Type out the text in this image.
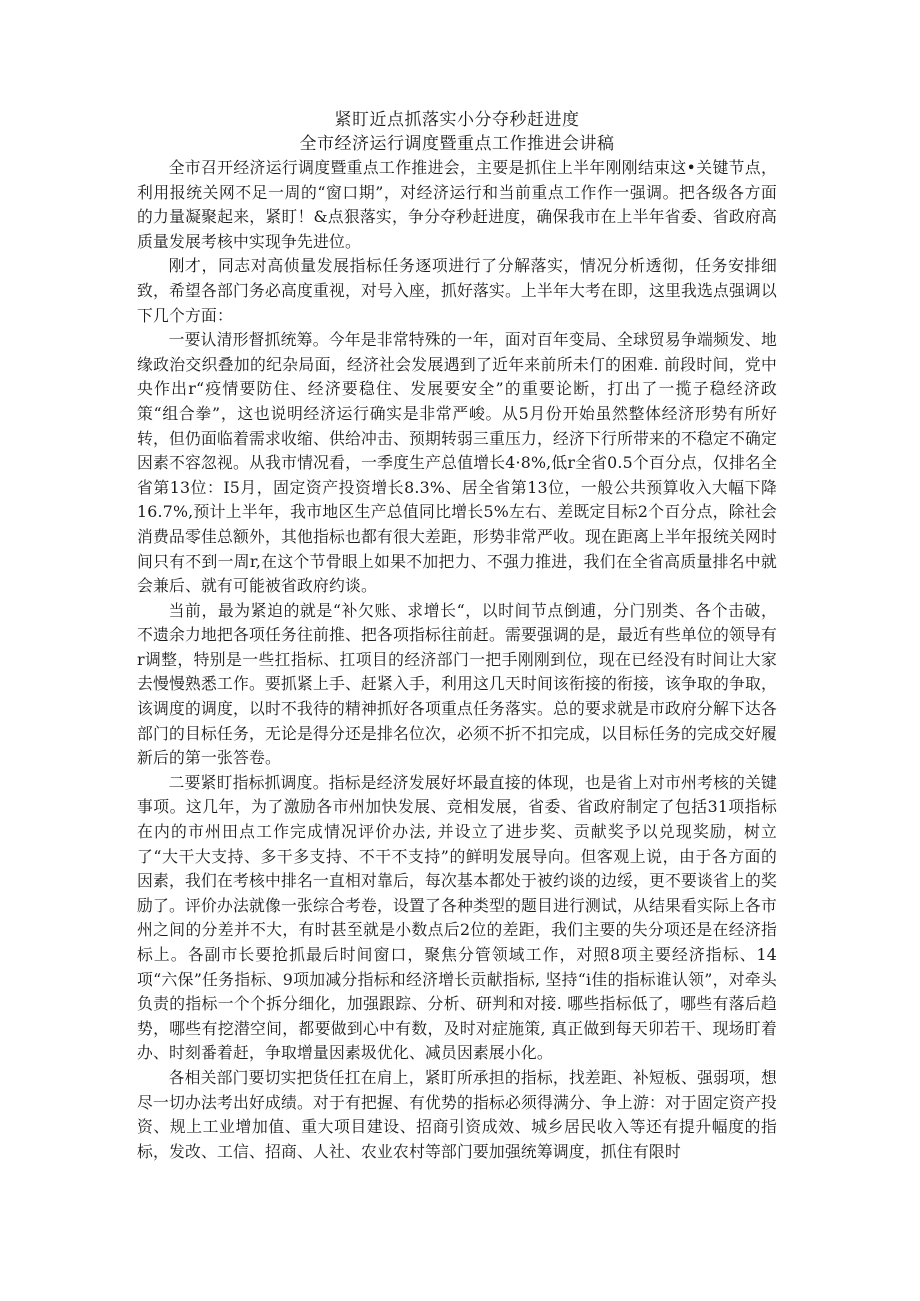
紧盯近点抓落实小分夺秒赶进度
全市经济运行调度暨重点工作推进会讲稿

全市召开经济运行调度暨重点工作推进会，主要是抓住上半年刚刚结束这•关键节点，利用报统关网不足一周的“窗口期”，对经济运行和当前重点工作作一强调。把各级各方面的力量凝聚起来，紧盯！&点狠落实，争分夺秒赶进度，确保我市在上半年省委、省政府高质量发展考核中实现争先进位。

刚才，同志对高侦量发展指标任务逐项进行了分解落实，情况分析透彻，任务安排细致，希望各部门务必高度重视，对号入座，抓好落实。上半年大考在即，这里我选点强调以下几个方面：

一要认清形督抓统筹。今年是非常特殊的一年，面对百年变局、全球贸易争端频发、地缘政治交织叠加的纪杂局面，经济社会发展遇到了近年来前所未仃的困难. 前段时间，党中央作出r“疫情要防住、经济要稳住、发展要安全”的重要论断，打出了一揽子稳经济政策“组合拳”，这也说明经济运行确实是非常严峻。从5月份开始虽然整体经济形势有所好转，但仍面临着需求收缩、供给冲击、预期转弱三重压力，经济下行所带来的不稳定不确定因素不容忽视。从我市情况看，一季度生产总值增长4·8%,低r全省0.5个百分点，仅排名全省第13位：I5月，固定资产投资增长8.3%、居全省第13位，一般公共预算收入大幅下降16.7%,预计上半年，我市地区生产总值同比增长5%左右、差既定目标2个百分点，除社会消费品零佳总额外，其他指标也都有很大差距，形势非常严收。现在距离上半年报统关网时间只有不到一周r,在这个节骨眼上如果不加把力、不强力推进，我们在全省高质量排名中就会兼后、就有可能被省政府约谈。

当前，最为紧迫的就是“补欠账、求增长“，以时间节点倒逋，分门别类、各个击破，不遗余力地把各项任务往前推、把各项指标往前赶。需要强调的是，最近有些单位的领导有r调整，特别是一些扛指标、扛项目的经济部门一把手刚刚到位，现在已经没有时间让大家去慢慢熟悉工作。要抓紧上手、赶紧入手，利用这几天时间该衔接的衔接，该争取的争取，该调度的调度，以时不我待的精神抓好各项重点任务落实。总的要求就是市政府分解下达各部门的目标任务，无论是得分还是排名位次，必须不折不扣完成，以目标任务的完成交好履新后的第一张答卷。

二要紧盯指标抓调度。指标是经济发展好坏最直接的体现，也是省上对市州考核的关键事项。这几年，为了激励各市州加快发展、竞相发展，省委、省政府制定了包括31项指标在内的市州田点工作完成情况评价办法, 并设立了进步奖、贡献奖予以兑现奖励，树立了“大干大支持、多干多支持、不干不支持”的鲜明发展导向。但客观上说，由于各方面的因素，我们在考核中排名一直相对靠后，每次基本都处于被约谈的边绥，更不要谈省上的奖励了。评价办法就像一张综合考卷，设置了各种类型的题目进行测试，从结果看实际上各市州之间的分差并不大，有时甚至就是小数点后2位的差距，我们主要的失分项还是在经济指标上。各副市长要抢抓最后时间窗口，聚焦分管领域工作，对照8项主要经济指标、14项“六保”任务指标、9项加减分指标和经济增长贡献指标, 坚持“i佳的指标谁认领”，对牵头负责的指标一个个拆分细化，加强跟踪、分析、研判和对接. 哪些指标低了，哪些有落后趋势，哪些有挖潜空间，都要做到心中有数，及时对症施策, 真正做到每天卯若干、现场盯着办、时刻番着赶，争取增量因素圾优化、减员因素展小化。

各相关部门要切实把货任扛在肩上，紧盯所承担的指标，找差距、补短板、强弱项，想尽一切办法考出好成绩。对于有把握、有优势的指标必须得满分、争上游：对于固定资产投资、规上工业增加值、重大项目建设、招商引资成效、城乡居民收入等还有提升幅度的指标，发改、工信、招商、人社、农业农村等部门要加强统筹调度，抓住有限时
